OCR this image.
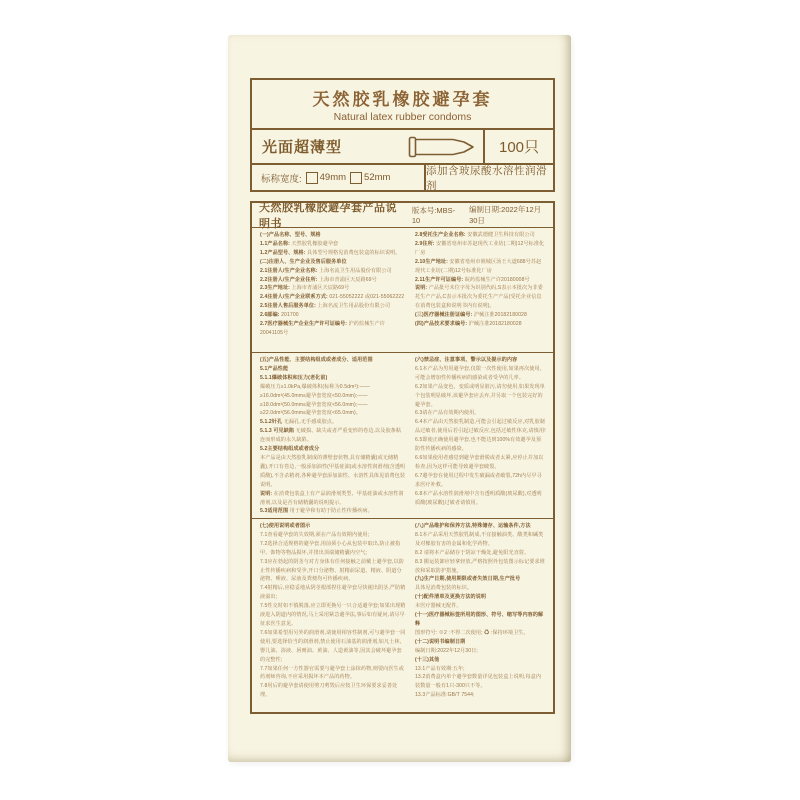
天然胶乳橡胶避孕套
Natural latex rubber condoms
光面超薄型	100只
标称宽度: 49mm 52mm
添加含玻尿酸水溶性润滑剂
天然胶乳橡胶避孕套产品说明书
版本号:MBS-10
编制日期:2022年12月30日
(一)产品名称、型号、规格
1.1产品名称: 天然胶乳橡胶避孕套
1.2产品型号、规格: 具体型号规格见消费包装盒的标识说明。
(二)注册人、生产企业及售后服务单位
2.1注册人/生产企业名称: 上海名流卫生用品股份有限公司
2.2注册人/生产企业住所: 上海市青浦区天辰路69号
2.3生产地址: 上海市青浦区天辰路69号
2.4注册人/生产企业联系方式: 021-55052222 或021-55062222
2.5注册人售后服务单位: 上海名流卫生用品股份有限公司
2.6邮编: 201700
2.7医疗器械生产企业生产许可证编号: 沪药监械生产许20041105号
2.8受托生产企业名称: 安徽武德健卫生科技有限公司
2.9住所: 安徽省亳州市苏赵现代工业坊(二期)12号标准化厂房
2.10生产地址: 安徽省亳州市谯城区汤王大道688号苏赵现代工业坊(二期)12号标准化厂房
2.11生产许可证编号: 皖药监械生产许20180008号
说明: 产品批号末位字母为识别代码,S表示本批次为非委托生产产品,C表示本批次为委托生产产品(受托企业信息在消费包装盒和说明书内有说明)。
(三)医疗器械注册证编号: 沪械注准20182180028
(四)产品技术要求编号: 沪械注准20182180028
(五)产品性能、主要结构组成或者成分、适用范围
5.1产品性能
5.1.1爆破体积和压力(老化前)
爆破压力≥1.0kPa,爆破体积(标称为0.5dm³):——≥16.0dm³(45.0mm≤避孕套宽度<50.0mm);——≥18.0dm³(50.0mm≤避孕套宽度<56.0mm);——≥22.0dm³(56.0mm≤避孕套宽度<65.0mm)。
5.1.2针孔 无漏孔,无手感成胶点。
5.1.3 可见缺陷 无破损、缺失或者严重变形的卷边,以及胶条粘连而形成的永久缺陷。
5.2主要结构组成或者成分
本产品是由天然胶乳制成的薄壁套状物,具有储精囊(或无储精囊),开口有卷边,一般添加油性(甲基硅油)或水溶性润滑剂(含透明质酸),不含杀精剂,各种避孕套添加油性、水溶性具体见消费包装说明。
说明: 在消费包装盒上有产品润滑剂类型、甲基硅油或水溶性润滑剂,以及是否有储精囊的说明提示。
5.3适用范围 用于避孕和有助于防止性传播疾病。
(六)禁忌症、注意事项、警示以及提示的内容
6.1本产品为男用避孕套,仅限一次性使用,如果再次使用,可能会增加性传播疾病的感染或者受孕的几率。
6.2如果产品变色、变质或明显脏污,请勿使用,如果发现单个包装明显破坏,该避孕套应丢弃,并另取一个包装完好的避孕套。
6.3请在产品有效期内使用。
6.4本产品由天然胶乳制造,可能会引起过敏反应,对乳胶制品过敏者,使用后若引起过敏反应,包括过敏性休克,请慎用!
6.5即使正确使用避孕套,也不能达到100%有效避孕及预防性传播疾病的感染。
6.6如果使用者感觉到避孕套滑脱或者太紧,应停止并加以检查,因为这样可能导致避孕套破裂。
6.7避孕套在使用过程中发生破漏或者破裂,72h内尽早寻求医疗补救。
6.8本产品水溶性润滑剂中含有透明质酸(玻尿酸),对透明质酸(玻尿酸)过敏者请慎用。
(七)使用说明或者图示
7.1查看避孕套的失效期,须在产品有效期内使用;
7.2选择合适规格的避孕套,用前须小心从包装中取出,防止被指甲、饰物等物品损坏,并排出顶端储精囊内空气;
7.3应在勃起的阴茎与对方身体有任何接触之前戴上避孕套,以防止性传播疾病和受孕,开口分泌物、射精前尿道、精液、阴道分泌物、唾液、尿液及粪便均可传播疾病。
7.4射精后,应稳妥地从阴茎根部捏住避孕套尽快褪出阴茎,严防精液溢出;
7.5性交时如不慎脱落,应立即更换另一只合适避孕套;如果出现精液进入阴道内的情况,马上采用紧急避孕法,事后如有疑问,请尽早征求医生意见。
7.6如果希望用另外的润滑剂,请使用相容性制剂,可与避孕套一同使用,要选择恰当的润滑剂,禁止使用石油基的润滑剂,如凡士林、婴儿油、浴液、唇膏油、黄油、人造黄油等,因其会破坏避孕套的完整性;
7.7如果任何一方性器官需要与避孕套上涂抹药物,则要向医生或药剂师咨询,不应采用损坏本产品的药物。
7.8用后的避孕套请使用剪刀剪毁后应按卫生环保要求妥善处理。
(八)产品维护和保养方法,特殊储存、运输条件,方法
8.1本产品采用天然胶乳制成,不宜接触油类、酸类和碱类及对橡胶有害的金属和化学药物。
8.2 请将本产品储存于阴凉干燥处,避免阳光直射。
8.3 搬运装卸应轻拿轻放,严格按照外包装图示标记要求堆放和采取防护措施。
(九)生产日期,使用期限或者失效日期,生产批号
具体见消费包装的标识。
(十)配件清单及更换方法的说明
本医疗器械无配件。
(十一)医疗器械标签所用的图形、符号、缩写等内容的解释
图形符号: ⊗2 :不得二次使用; ♻ :保持环境卫生。
(十二)说明书编制日期
编制日期:2022年12月30日;
(十三)其他
13.1产品有效期:五年;
13.2消费盒内单个避孕套数量详见包装盒上说明,每盒内装数量一般有1只-300只不等。
13.3产品标准:GB/T 7544;
